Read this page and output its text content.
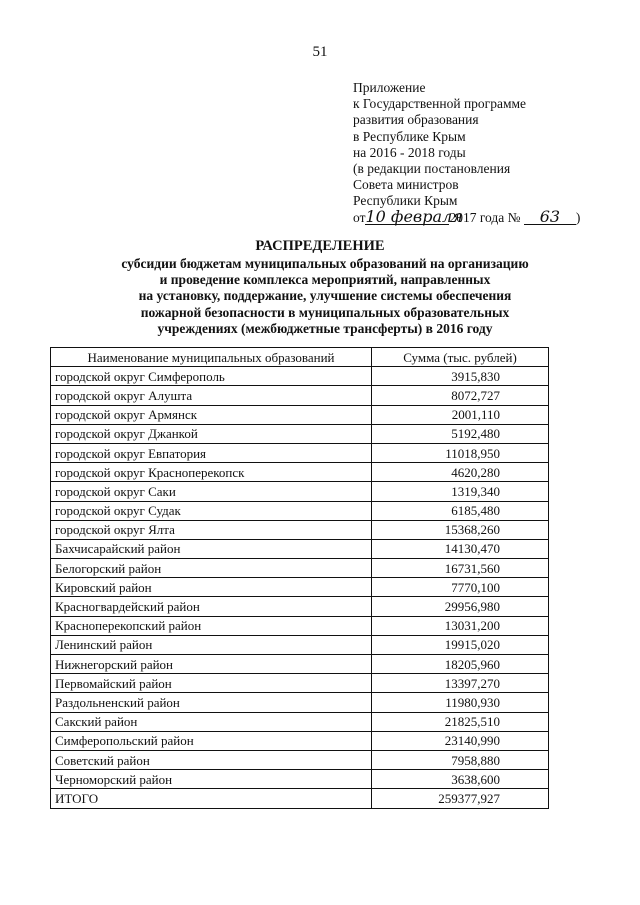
51
Приложение
к Государственной программе
развития образования
в Республике Крым
на 2016 - 2018 годы
(в редакции постановления
Совета министров
Республики Крым
от10 февраля2017 года № 63 )
РАСПРЕДЕЛЕНИЕ
субсидии бюджетам муниципальных образований на организацию
и проведение комплекса мероприятий, направленных
на установку, поддержание, улучшение системы обеспечения
пожарной безопасности в муниципальных образовательных
учреждениях (межбюджетные трансферты) в 2016 году
Наименование муниципальных образований	Сумма (тыс. рублей)
городской округ Симферополь	3915,830
городской округ Алушта	8072,727
городской округ Армянск	2001,110
городской округ Джанкой	5192,480
городской округ Евпатория	11018,950
городской округ Красноперекопск	4620,280
городской округ Саки	1319,340
городской округ Судак	6185,480
городской округ Ялта	15368,260
Бахчисарайский район	14130,470
Белогорский район	16731,560
Кировский район	7770,100
Красногвардейский район	29956,980
Красноперекопский район	13031,200
Ленинский район	19915,020
Нижнегорский район	18205,960
Первомайский район	13397,270
Раздольненский район	11980,930
Сакский район	21825,510
Симферопольский район	23140,990
Советский район	7958,880
Черноморский район	3638,600
ИТОГО	259377,927
